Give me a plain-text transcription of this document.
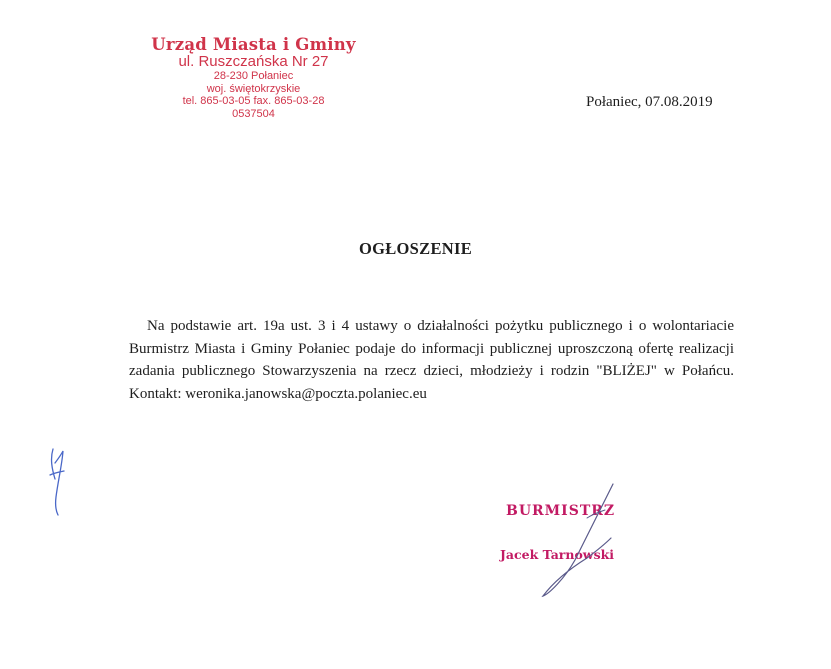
Urząd Miasta i Gminy
ul. Ruszczańska Nr 27
28-230 Połaniec
woj. świętokrzyskie
tel. 865-03-05 fax. 865-03-28
0537504
Połaniec, 07.08.2019
OGŁOSZENIE

Na podstawie art. 19a ust. 3 i 4 ustawy o działalności pożytku publicznego i o wolontariacie Burmistrz Miasta i Gminy Połaniec podaje do informacji publicznej uproszczoną ofertę realizacji zadania publicznego Stowarzyszenia na rzecz dzieci, młodzieży i rodzin "BLIŻEJ" w Połańcu. Kontakt: weronika.janowska@poczta.polaniec.eu

BURMISTRZ
Jacek Tarnowski
